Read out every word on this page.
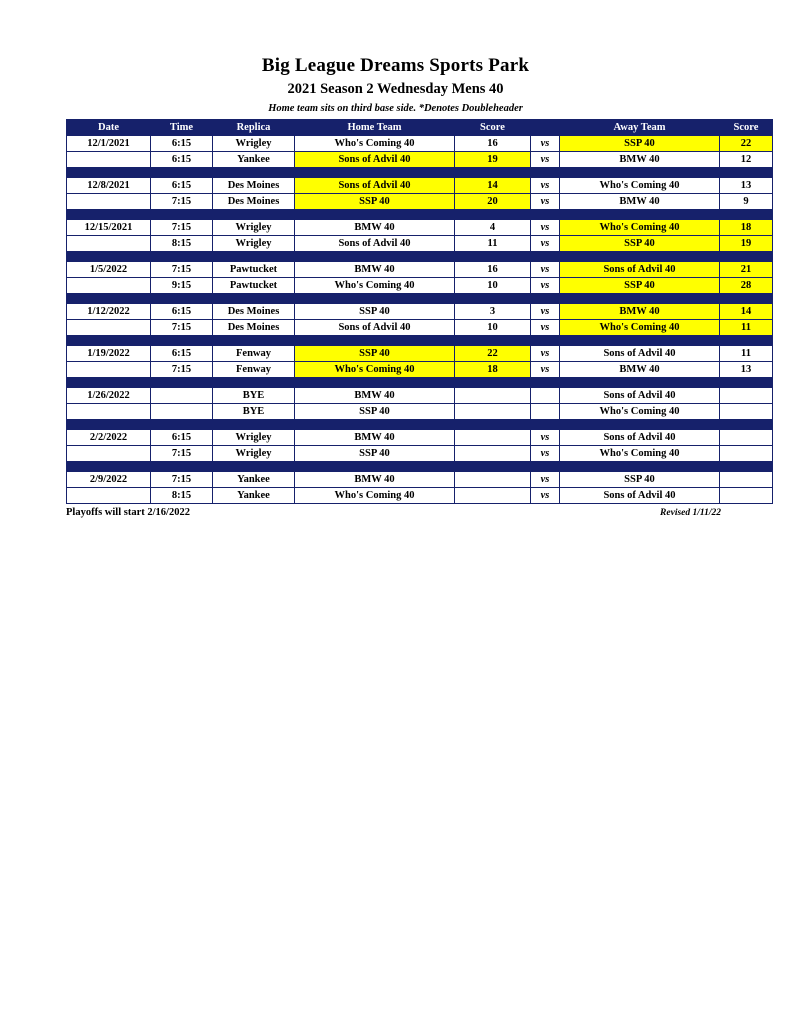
Big League Dreams Sports Park
2021 Season 2 Wednesday Mens 40
Home team sits on third base side. *Denotes Doubleheader
Date	Time	Replica	Home Team	Score		Away Team	Score
12/1/2021	6:15	Wrigley	Who's Coming 40	16	vs	SSP 40	22
	6:15	Yankee	Sons of Advil 40	19	vs	BMW 40	12

12/8/2021	6:15	Des Moines	Sons of Advil 40	14	vs	Who's Coming 40	13
	7:15	Des Moines	SSP 40	20	vs	BMW 40	9

12/15/2021	7:15	Wrigley	BMW 40	4	vs	Who's Coming 40	18
	8:15	Wrigley	Sons of Advil 40	11	vs	SSP 40	19

1/5/2022	7:15	Pawtucket	BMW 40	16	vs	Sons of Advil 40	21
	9:15	Pawtucket	Who's Coming 40	10	vs	SSP 40	28

1/12/2022	6:15	Des Moines	SSP 40	3	vs	BMW 40	14
	7:15	Des Moines	Sons of Advil 40	10	vs	Who's Coming 40	11

1/19/2022	6:15	Fenway	SSP 40	22	vs	Sons of Advil 40	11
	7:15	Fenway	Who's Coming 40	18	vs	BMW 40	13

1/26/2022		BYE	BMW 40			Sons of Advil 40	
		BYE	SSP 40			Who's Coming 40	

2/2/2022	6:15	Wrigley	BMW 40		vs	Sons of Advil 40	
	7:15	Wrigley	SSP 40		vs	Who's Coming 40	

2/9/2022	7:15	Yankee	BMW 40		vs	SSP 40	
	8:15	Yankee	Who's Coming 40		vs	Sons of Advil 40	
Playoffs will start 2/16/2022	Revised 1/11/22
